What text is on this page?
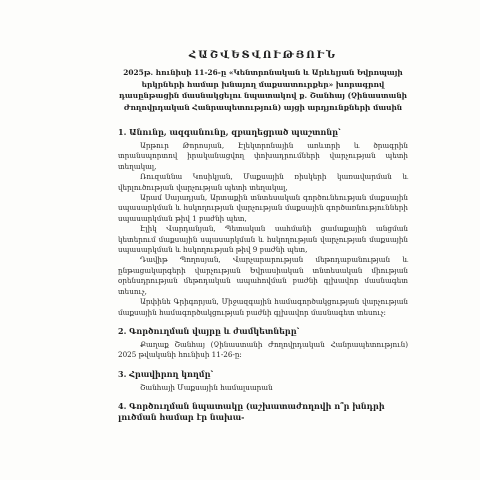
ՀԱՇՎԵՏՎՈՒԹՅՈՒՆ
2025թ. հունիսի 11-26-ը «Կենտրոնական և Արևելյան Եվրոպայի երկրների համար խնայող մաքսատուրքեր» խորագրով դասընթացին մասնակցելու նպատակով ք. Շանհայ (Չինաստանի Ժողովրդական Հանրապետություն) այցի արդյունքների մասին
1. Անունը, ազգանունը, զբաղեցրած պաշտոնը՝

Արթուր Թորոսյան, Էլեկտրոնային առևտրի և ծրագրին տրանսպորտով իրականացվող փոխադրումների վարչության պետի տեղակալ,

Ռուզաննա Կոսիկյան, Մաքսային ռիսկերի կառավարման և վերլուծության վարչության պետի տեղակալ,

Արամ Սայադյան, Արտաքին տնտեսական գործունեության մաքսային սպասարկման և հսկողության վարչության մաքսային գործառնությունների սպասարկման թիվ 1 բաժնի պետ,

Էլիկ Վարդանյան, Պետական սահմանի ցամաքային անցման կետերում մաքսային սպասարկման և հսկողության վարչության մաքսային սպասարկման և հսկողության թիվ 9 բաժնի պետ,

Դավիթ Պողոսյան, Վարչարարության մեթոդաբանության և ընթացակարգերի վարչության Եվրասիական տնտեսական միության օրենսդրության մեթոդական ապահովման բաժնի գլխավոր մասնագետ տեսուչ,

Արփինե Գրիգորյան, Միջազգային համագործակցության վարչության մաքսային համագործակցության բաժնի գլխավոր մասնագետ տեսուչ:

2. Գործուղման վայրը և ժամկետները՝

Քաղաք Շանհայ (Չինաստանի Ժողովրդական Հանրապետություն) 2025 թվականի հունիսի 11-26-ը:

3. Հրավիրող կողմը՝

Շանհայի Մաքսային համալսարան

4. Գործուղման նպատակը (աշխատաժողովի ո՞ր խնդրի լուծման համար էր նախա-
